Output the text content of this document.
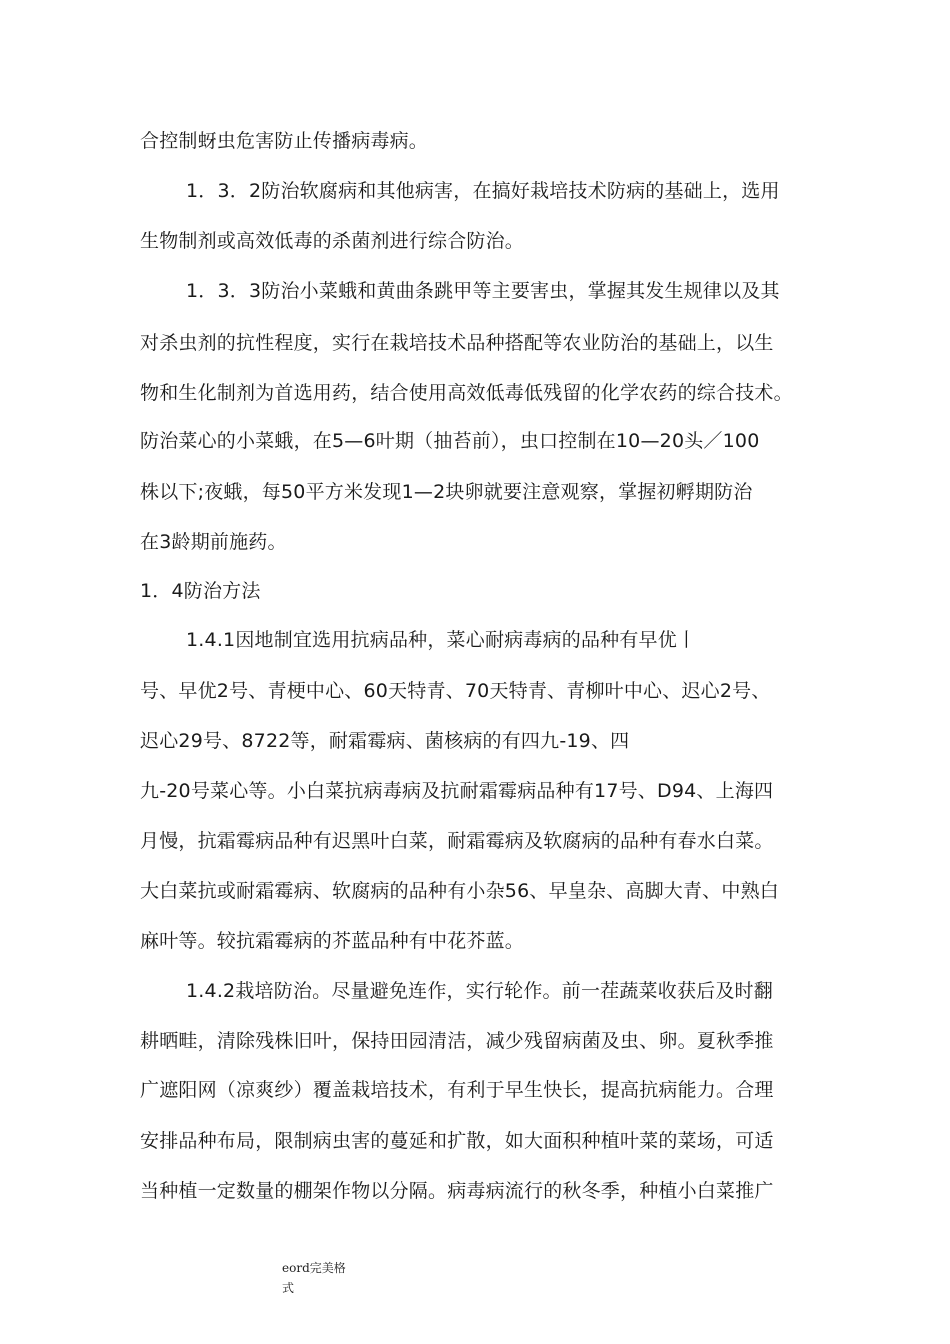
合控制蚜虫危害防止传播病毒病。
1．3．2防治软腐病和其他病害，在搞好栽培技术防病的基础上，选用
生物制剂或高效低毒的杀菌剂进行综合防治。
1．3．3防治小菜蛾和黄曲条跳甲等主要害虫，掌握其发生规律以及其
对杀虫剂的抗性程度，实行在栽培技术品种搭配等农业防治的基础上，以生
物和生化制剂为首选用药，结合使用高效低毒低残留的化学农药的综合技术。
防治菜心的小菜蛾，在5—6叶期（抽苔前），虫口控制在10—20头／100
株以下;夜蛾，每50平方米发现1—2块卵就要注意观察，掌握初孵期防治
在3龄期前施药。
1．4防治方法
1.4.1因地制宜选用抗病品种，菜心耐病毒病的品种有早优丨
号、早优2号、青梗中心、60天特青、70天特青、青柳叶中心、迟心2号、
迟心29号、8722等，耐霜霉病、菌核病的有四九-19、四
九-20号菜心等。小白菜抗病毒病及抗耐霜霉病品种有17号、D94、上海四
月慢，抗霜霉病品种有迟黑叶白菜，耐霜霉病及软腐病的品种有春水白菜。
大白菜抗或耐霜霉病、软腐病的品种有小杂56、早皇杂、高脚大青、中熟白
麻叶等。较抗霜霉病的芥蓝品种有中花芥蓝。
1.4.2栽培防治。尽量避免连作，实行轮作。前一茬蔬菜收获后及时翻
耕晒畦，清除残株旧叶，保持田园清洁，减少残留病菌及虫、卵。夏秋季推
广遮阳网（凉爽纱）覆盖栽培技术，有利于早生快长，提高抗病能力。合理
安排品种布局，限制病虫害的蔓延和扩散，如大面积种植叶菜的菜场，可适
当种植一定数量的棚架作物以分隔。病毒病流行的秋冬季，种植小白菜推广
eord完美格
式
